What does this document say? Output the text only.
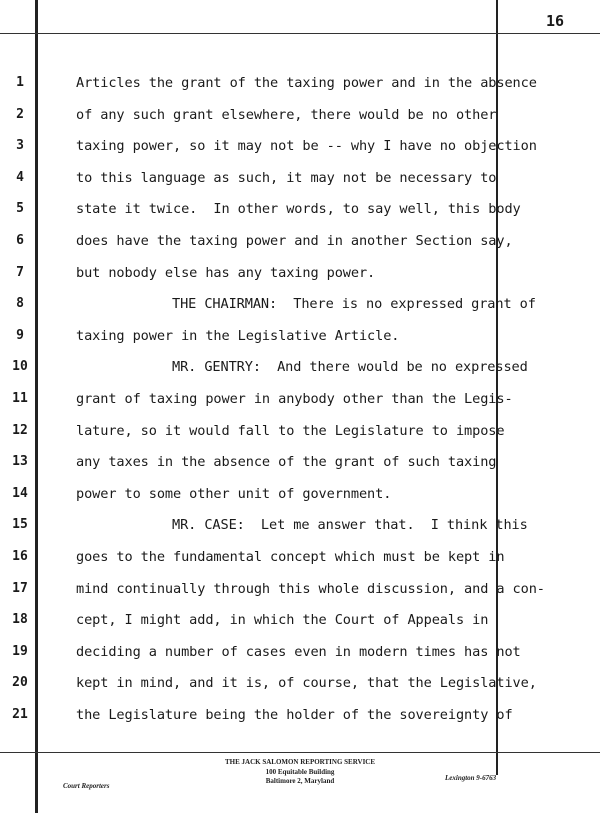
16
1	Articles the grant of the taxing power and in the absence
2	of any such grant elsewhere, there would be no other
3	taxing power, so it may not be -- why I have no objection
4	to this language as such, it may not be necessary to
5	state it twice.  In other words, to say well, this body
6	does have the taxing power and in another Section say,
7	but nobody else has any taxing power.
8	THE CHAIRMAN:  There is no expressed grant of
9	taxing power in the Legislative Article.
10	MR. GENTRY:  And there would be no expressed
11	grant of taxing power in anybody other than the Legis-
12	lature, so it would fall to the Legislature to impose
13	any taxes in the absence of the grant of such taxing
14	power to some other unit of government.
15	MR. CASE:  Let me answer that.  I think this
16	goes to the fundamental concept which must be kept in
17	mind continually through this whole discussion, and a con-
18	cept, I might add, in which the Court of Appeals in
19	deciding a number of cases even in modern times has not
20	kept in mind, and it is, of course, that the Legislative,
21	the Legislature being the holder of the sovereignty of
Court Reporters
THE JACK SALOMON REPORTING SERVICE
100 Equitable Building
Baltimore 2, Maryland	Lexington 9-6763
